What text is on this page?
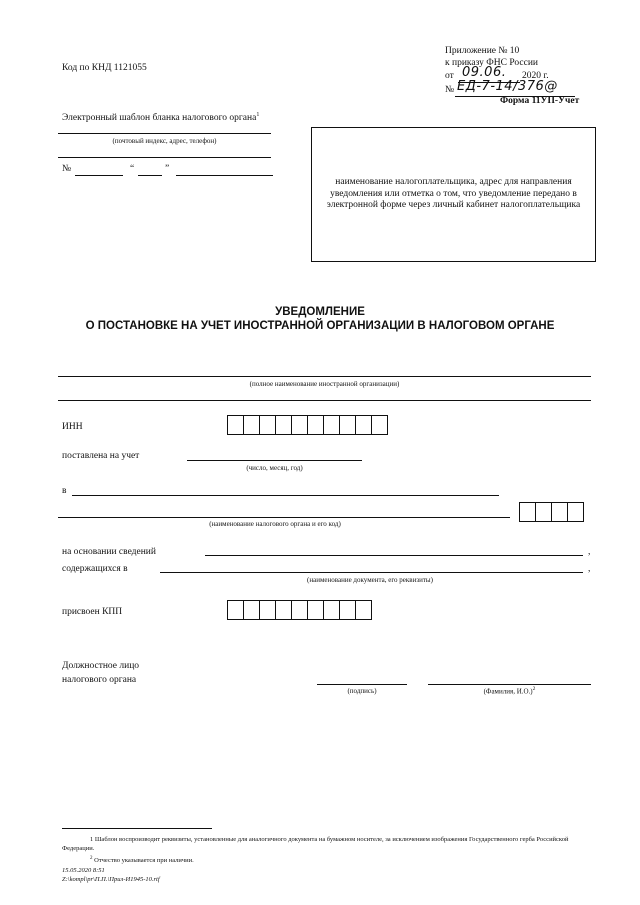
Код по КНД 1121055
Приложение № 10
к приказу ФНС России
от 09.06. 2020 г.
№ ЕД-7-14/376@
Форма 11УП-Учет
Электронный шаблон бланка налогового органа$^1$
(почтовый индекс, адрес, телефон)
№	“	”
наименование налогоплательщика, адрес для направления уведомления или отметка о том, что уведомление передано в электронной форме через личный кабинет налогоплательщика
УВЕДОМЛЕНИЕ
О ПОСТАНОВКЕ НА УЧЕТ ИНОСТРАННОЙ ОРГАНИЗАЦИИ В НАЛОГОВОМ ОРГАНЕ
(полное наименование иностранной организации)
ИНН
поставлена на учет
(число, месяц, год)
в
(наименование налогового органа и его код)
на основании сведений	,
содержащихся в	,
(наименование документа, его реквизиты)
присвоен КПП
Должностное лицо
налогового органа
(подпись)	(Фамилия, И.О.)$^2$
1 Шаблон воспроизводит реквизиты, установленные для аналогичного документа на бумажном носителе, за исключением изображения Государственного герба Российской Федерации.
$^2$ Отчество указывается при наличии.
15.05.2020 8:51
Z:\kompl\pr\П.П.\Прил-И1945-10.rtf
